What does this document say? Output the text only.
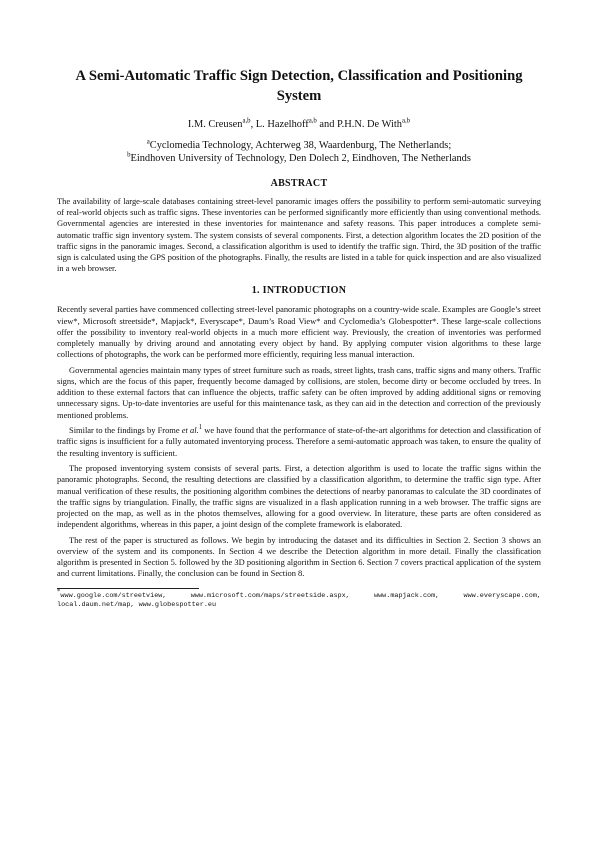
A Semi-Automatic Traffic Sign Detection, Classification and Positioning System
I.M. Creusen$^{a,b}$, L. Hazelhoff$^{a,b}$ and P.H.N. De With$^{a,b}$
$^a$Cyclomedia Technology, Achterweg 38, Waardenburg, The Netherlands;
$^b$Eindhoven University of Technology, Den Dolech 2, Eindhoven, The Netherlands
ABSTRACT

The availability of large-scale databases containing street-level panoramic images offers the possibility to perform semi-automatic surveying of real-world objects such as traffic signs. These inventories can be performed significantly more efficiently than using conventional methods. Governmental agencies are interested in these inventories for maintenance and safety reasons. This paper introduces a complete semi-automatic traffic sign inventory system. The system consists of several components. First, a detection algorithm locates the 2D position of the traffic signs in the panoramic images. Second, a classification algorithm is used to identify the traffic sign. Third, the 3D position of the traffic sign is calculated using the GPS position of the photographs. Finally, the results are listed in a table for quick inspection and are also visualized in a web browser.

1. INTRODUCTION

Recently several parties have commenced collecting street-level panoramic photographs on a country-wide scale. Examples are Google’s street view*, Microsoft streetside*, Mapjack*, Everyscape*, Daum’s Road View* and Cyclomedia’s Globespotter*. These large-scale collections offer the possibility to inventory real-world objects in a much more efficient way. Previously, the creation of inventories was performed completely manually by driving around and annotating every object by hand. By applying computer vision algorithms to these large collections of photographs, the work can be performed more efficiently, requiring less manual interaction.

Governmental agencies maintain many types of street furniture such as roads, street lights, trash cans, traffic signs and many others. Traffic signs, which are the focus of this paper, frequently become damaged by collisions, are stolen, become dirty or become occluded by trees. In addition to these external factors that can influence the objects, traffic safety can be often improved by adding additional signs or removing unnecessary signs. Up-to-date inventories are useful for this maintenance task, as they can aid in the detection and correction of the previously mentioned problems.

Similar to the findings by Frome et al.$^1$ we have found that the performance of state-of-the-art algorithms for detection and classification of traffic signs is insufficient for a fully automated inventorying process. Therefore a semi-automatic approach was taken, to ensure the quality of the resulting inventory is sufficient.

The proposed inventorying system consists of several parts. First, a detection algorithm is used to locate the traffic signs within the panoramic photographs. Second, the resulting detections are classified by a classification algorithm, to determine the traffic sign type. After manual verification of these results, the positioning algorithm combines the detections of nearby panoramas to calculate the 3D coordinates of the traffic signs by triangulation. Finally, the traffic signs are visualized in a flash application running in a web browser. The traffic signs are projected on the map, as well as in the photos themselves, allowing for a good overview. In literature, these parts are often considered as independent algorithms, whereas in this paper, a joint design of the complete framework is elaborated.

The rest of the paper is structured as follows. We begin by introducing the dataset and its difficulties in Section 2. Section 3 shows an overview of the system and its components. In Section 4 we describe the Detection algorithm in more detail. Finally the classification algorithm is presented in Section 5. followed by the 3D positioning algorithm in Section 6. Section 7 covers practical application of the system and current limitations. Finally, the conclusion can be found in Section 8.

*www.google.com/streetview, www.microsoft.com/maps/streetside.aspx, www.mapjack.com, www.everyscape.com, local.daum.net/map, www.globespotter.eu
